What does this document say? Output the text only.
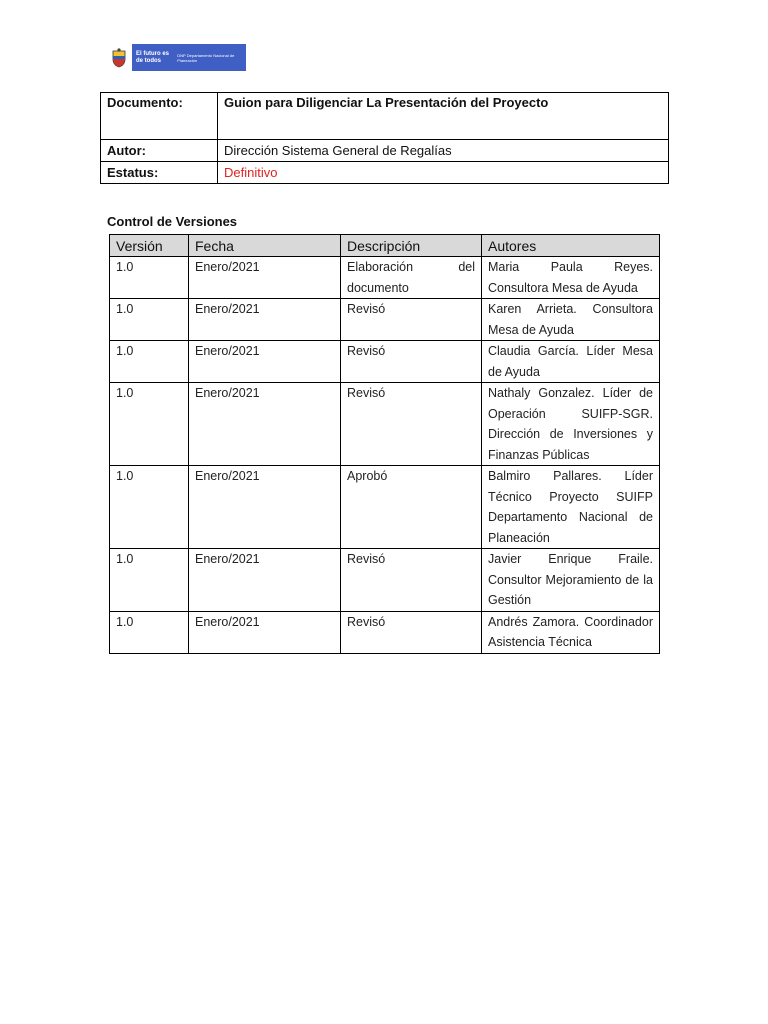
El futuro es de todos
DNP Departamento Nacional de Planeación
Documento:	Guion para Diligenciar La Presentación del Proyecto
Autor:	Dirección Sistema General de Regalías
Estatus:	Definitivo
Control de Versiones
Versión	Fecha	Descripción	Autores
1.0	Enero/2021	Elaboración del documento	Maria Paula Reyes. Consultora Mesa de Ayuda
1.0	Enero/2021	Revisó	Karen Arrieta. Consultora Mesa de Ayuda
1.0	Enero/2021	Revisó	Claudia García. Líder Mesa de Ayuda
1.0	Enero/2021	Revisó	Nathaly Gonzalez. Líder de Operación SUIFP-SGR. Dirección de Inversiones y Finanzas Públicas
1.0	Enero/2021	Aprobó	Balmiro Pallares. Líder Técnico Proyecto SUIFP Departamento Nacional de Planeación
1.0	Enero/2021	Revisó	Javier Enrique Fraile. Consultor Mejoramiento de la Gestión
1.0	Enero/2021	Revisó	Andrés Zamora. Coordinador Asistencia Técnica
